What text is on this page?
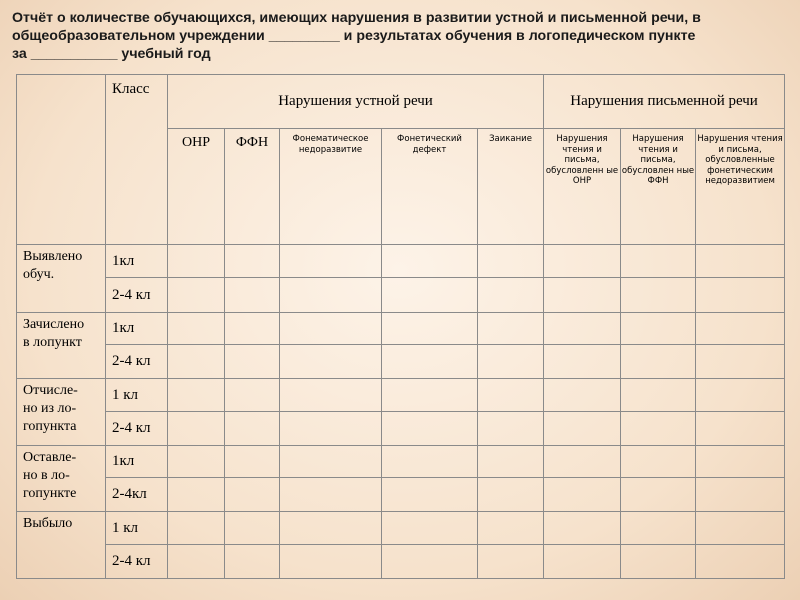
Отчёт о количестве обучающихся, имеющих нарушения в развитии устной и письменной речи, в
общеобразовательном учреждении _________ и результатах обучения в логопедическом пункте
за ___________ учебный год
	Класс	Нарушения устной речи					Нарушения письменной речи		
		ОНР	ФФН	Фонематическое недоразвитие	Фонетический дефект	Заикание	Нарушения чтения и письма, обусловленн ые ОНР	Нарушения чтения и письма, обусловлен ные ФФН	Нарушения чтения и письма, обусловленные фонетическим недоразвитием

Выявлено
обуч.	1кл								
	2-4 кл								

Зачислено
в лопункт	1кл								
	2-4 кл								

Отчисле-
но из ло-
гопункта	1 кл								
	2-4 кл								

Оставле-
но в ло-
гопункте	1кл								
	2-4кл								

Выбыло	1 кл								
	2-4 кл								
